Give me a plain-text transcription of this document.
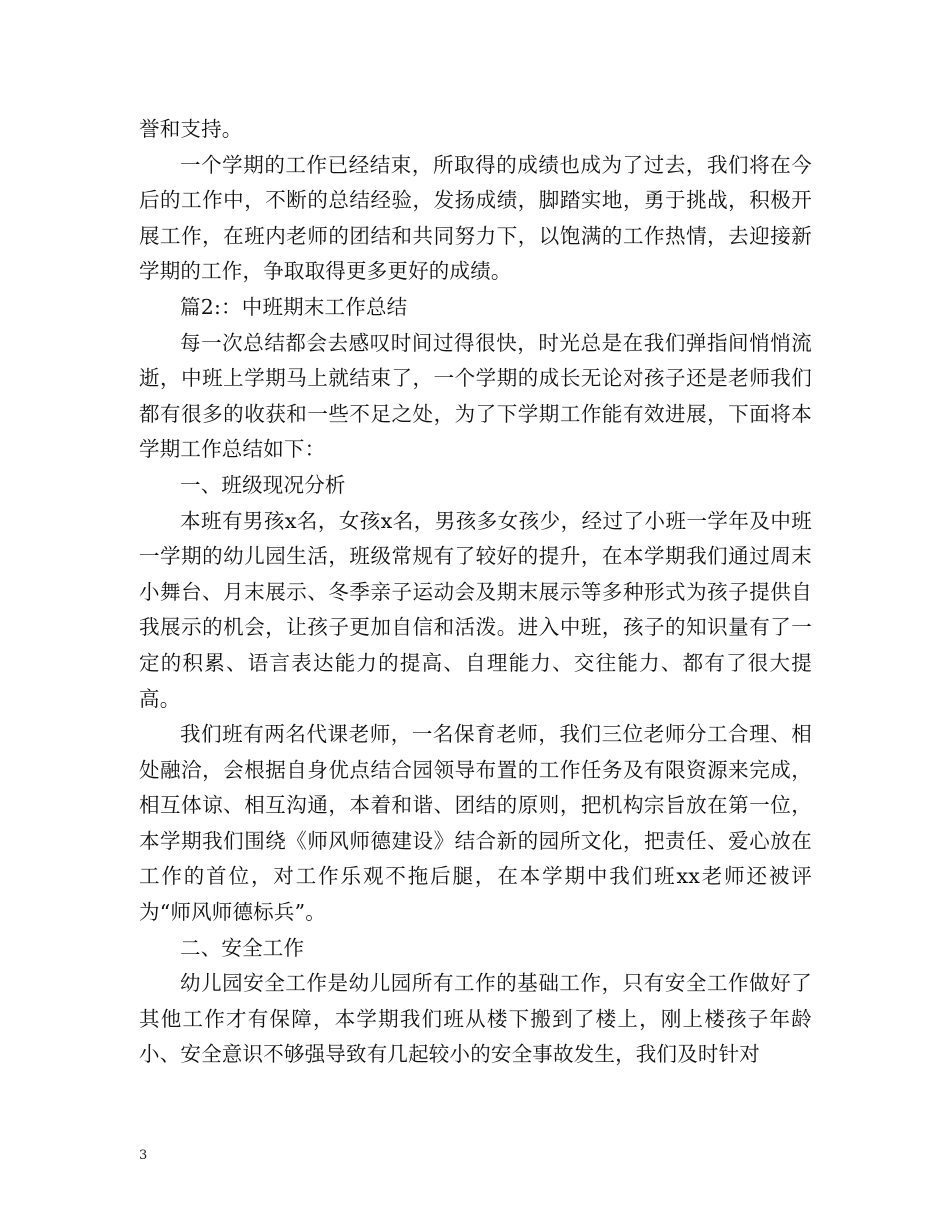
誉和支持。

一个学期的工作已经结束，所取得的成绩也成为了过去，我们将在今后的工作中，不断的总结经验，发扬成绩，脚踏实地，勇于挑战，积极开展工作，在班内老师的团结和共同努力下，以饱满的工作热情，去迎接新学期的工作，争取取得更多更好的成绩。

篇2:：中班期末工作总结

每一次总结都会去感叹时间过得很快，时光总是在我们弹指间悄悄流逝，中班上学期马上就结束了，一个学期的成长无论对孩子还是老师我们都有很多的收获和一些不足之处，为了下学期工作能有效进展，下面将本学期工作总结如下：

一、班级现况分析

本班有男孩x名，女孩x名，男孩多女孩少，经过了小班一学年及中班一学期的幼儿园生活，班级常规有了较好的提升，在本学期我们通过周末小舞台、月末展示、冬季亲子运动会及期末展示等多种形式为孩子提供自我展示的机会，让孩子更加自信和活泼。进入中班，孩子的知识量有了一定的积累、语言表达能力的提高、自理能力、交往能力、都有了很大提高。

我们班有两名代课老师，一名保育老师，我们三位老师分工合理、相处融洽，会根据自身优点结合园领导布置的工作任务及有限资源来完成，相互体谅、相互沟通，本着和谐、团结的原则，把机构宗旨放在第一位，本学期我们围绕《师风师德建设》结合新的园所文化，把责任、爱心放在工作的首位，对工作乐观不拖后腿，在本学期中我们班xx老师还被评为“师风师德标兵”。

二、安全工作

幼儿园安全工作是幼儿园所有工作的基础工作，只有安全工作做好了其他工作才有保障，本学期我们班从楼下搬到了楼上，刚上楼孩子年龄小、安全意识不够强导致有几起较小的安全事故发生，我们及时针对

3
